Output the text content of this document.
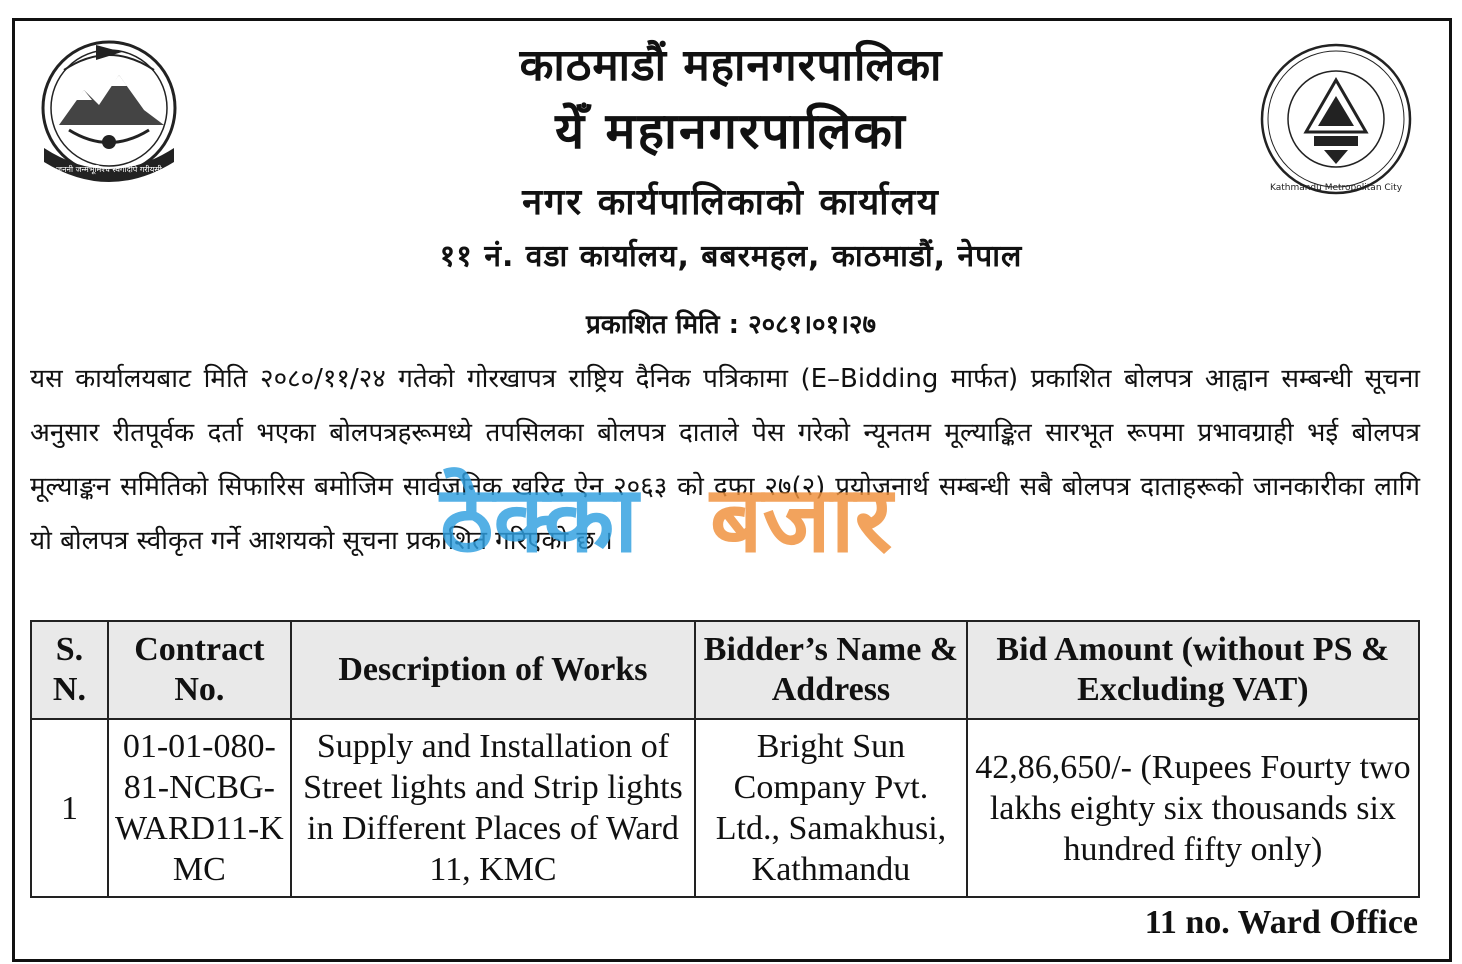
जननी जन्मभूमिश्च स्वर्गादपि गरीयसी
Kathmandu Metropolitan City
काठमाडौं महानगरपालिका
येँ महानगरपालिका
नगर कार्यपालिकाको कार्यालय
११ नं. वडा कार्यालय, बबरमहल, काठमाडौं, नेपाल
प्रकाशित मिति : २०८१।०१।२७
यस कार्यालयबाट मिति २०८०/११/२४ गतेको गोरखापत्र राष्ट्रिय दैनिक पत्रिकामा (E–Bidding मार्फत) प्रकाशित बोलपत्र आह्वान सम्बन्धी सूचना अनुसार रीतपूर्वक दर्ता भएका बोलपत्रहरूमध्ये तपसिलका बोलपत्र दाताले पेस गरेको न्यूनतम मूल्याङ्कित सारभूत रूपमा प्रभावग्राही भई बोलपत्र मूल्याङ्कन समितिको सिफारिस बमोजिम सार्वजनिक खरिद ऐन २०६३ को दफा २७(२) प्रयोजनार्थ सम्बन्धी सबै बोलपत्र दाताहरूको जानकारीका लागि यो बोलपत्र स्वीकृत गर्ने आशयको सूचना प्रकाशित गरिएको छ ।
ठेक्का बजार
S. N.	Contract No.	Description of Works	Bidder’s Name & Address	Bid Amount (without PS & Excluding VAT)
1	01-01-080-81-NCBG-WARD11-KMC	Supply and Installation of Street lights and Strip lights in Different Places of Ward 11, KMC	Bright Sun Company Pvt. Ltd., Samakhusi, Kathmandu	42,86,650/- (Rupees Fourty two lakhs eighty six thousands six hundred fifty only)
11 no. Ward Office
